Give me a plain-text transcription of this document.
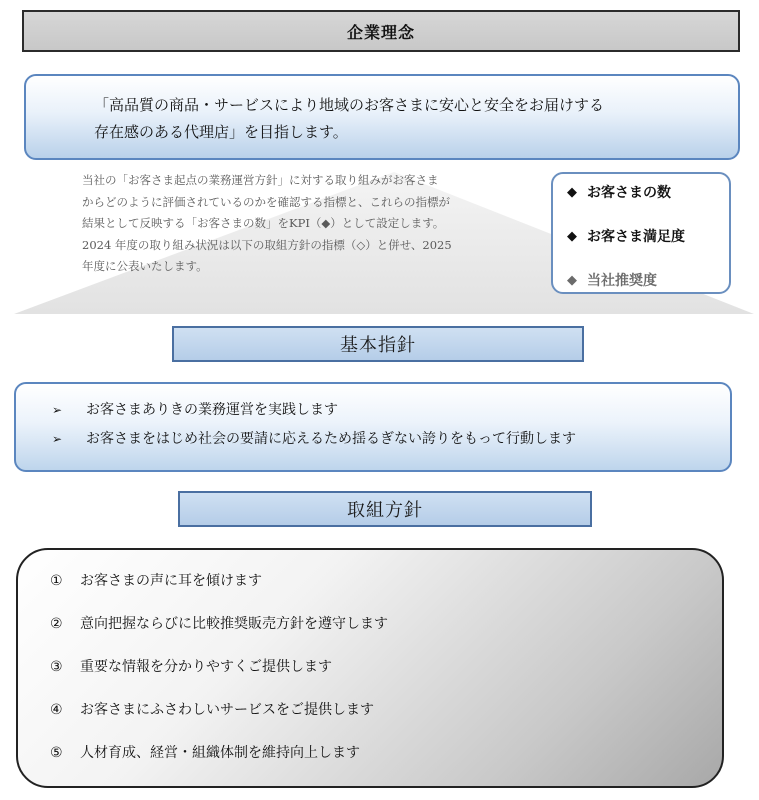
企業理念
「高品質の商品・サービスにより地域のお客さまに安心と安全をお届けする
存在感のある代理店」を目指します。

当社の「お客さま起点の業務運営方針」に対する取り組みがお客さま

からどのように評価されているのかを確認する指標と、これらの指標が

結果として反映する「お客さまの数」をKPI（◆）として設定します。

2024 年度の取り組み状況は以下の取組方針の指標（◇）と併せ、2025

年度に公表いたします。

◆ お客さまの数
◆ お客さま満足度
◆ 当社推奨度
基本指針
➢	お客さまありきの業務運営を実践します
➢	お客さまをはじめ社会の要請に応えるため揺るぎない誇りをもって行動します
取組方針
①	お客さまの声に耳を傾けます
②	意向把握ならびに比較推奨販売方針を遵守します
③	重要な情報を分かりやすくご提供します
④	お客さまにふさわしいサービスをご提供します
⑤	人材育成、経営・組織体制を維持向上します
